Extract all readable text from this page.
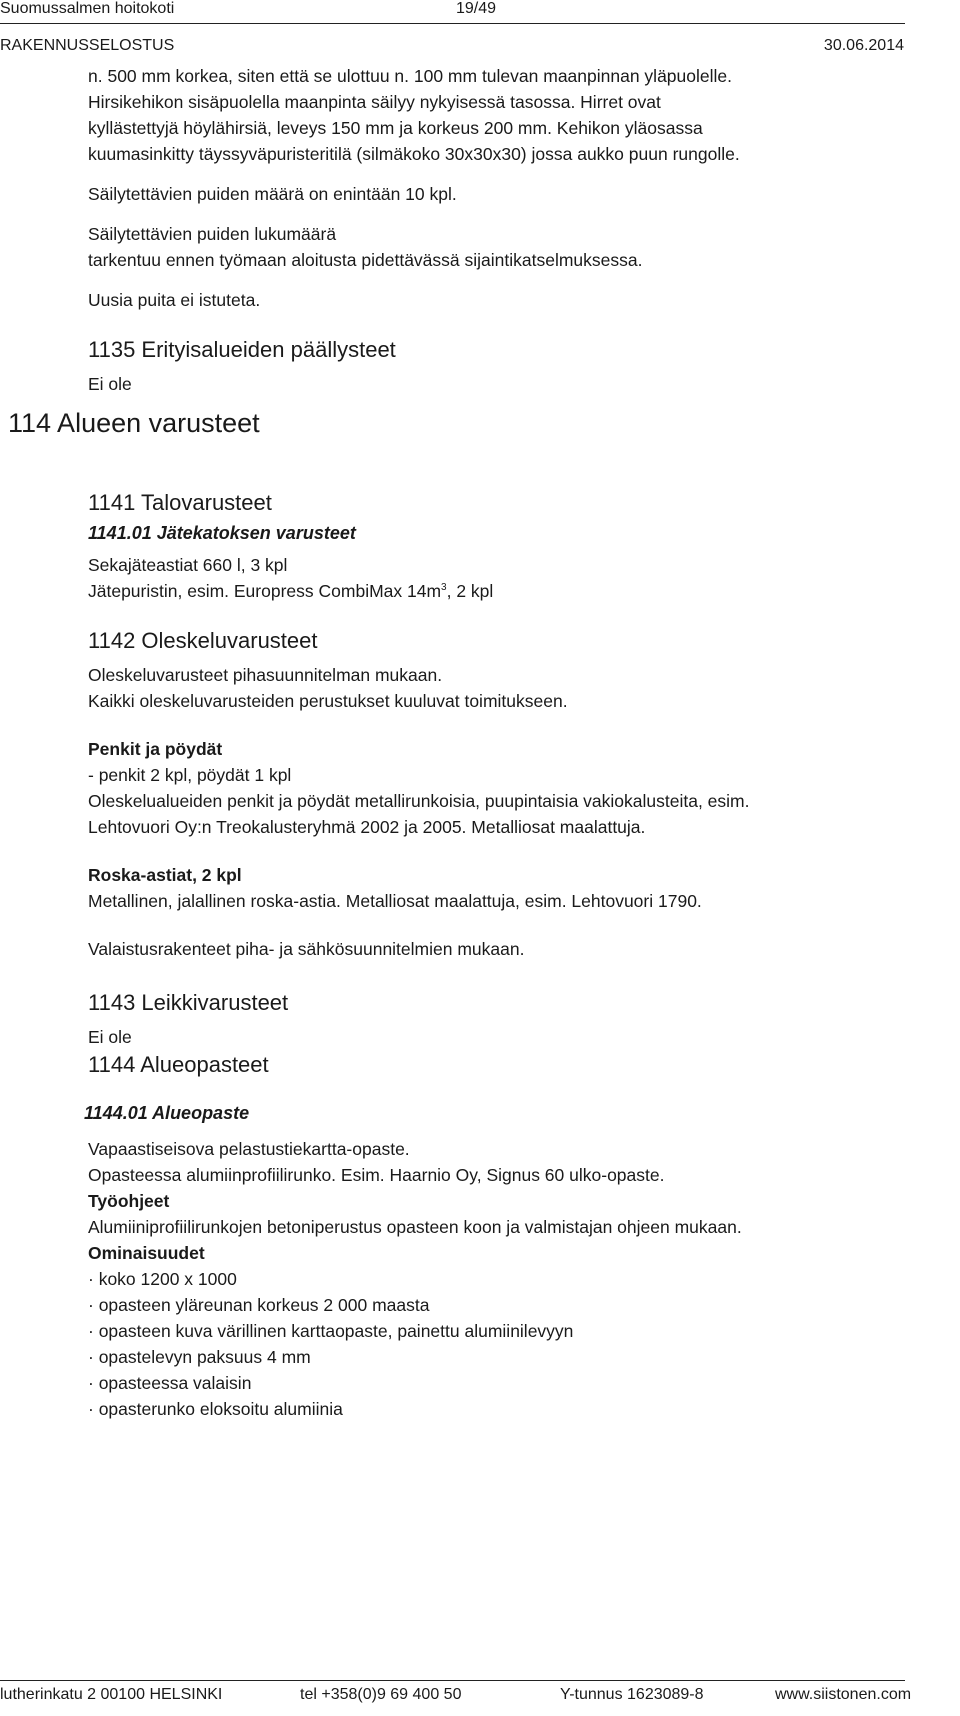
Suomussalmen hoitokoti	19/49
RAKENNUSSELOSTUS	30.06.2014

n. 500 mm korkea, siten että se ulottuu n. 100 mm tulevan maanpinnan yläpuolelle.

Hirsikehikon sisäpuolella maanpinta säilyy nykyisessä tasossa. Hirret ovat

kyllästettyjä höylähirsiä, leveys 150 mm ja korkeus 200 mm. Kehikon yläosassa

kuumasinkitty täyssyväpuristeritilä (silmäkoko 30x30x30) jossa aukko puun rungolle.

Säilytettävien puiden määrä on enintään 10 kpl.

Säilytettävien puiden lukumäärä

tarkentuu ennen työmaan aloitusta pidettävässä sijaintikatselmuksessa.

Uusia puita ei istuteta.

1135 Erityisalueiden päällysteet

Ei ole

114 Alueen varusteet

1141 Talovarusteet

1141.01 Jätekatoksen varusteet

Sekajäteastiat 660 l, 3 kpl

Jätepuristin, esim. Europress CombiMax $14m^3$, 2 kpl

1142 Oleskeluvarusteet

Oleskeluvarusteet pihasuunnitelman mukaan.

Kaikki oleskeluvarusteiden perustukset kuuluvat toimitukseen.

Penkit ja pöydät

- penkit 2 kpl, pöydät 1 kpl

Oleskelualueiden penkit ja pöydät metallirunkoisia, puupintaisia vakiokalusteita, esim.

Lehtovuori Oy:n Treokalusteryhmä 2002 ja 2005. Metalliosat maalattuja.

Roska-astiat, 2 kpl

Metallinen, jalallinen roska-astia. Metalliosat maalattuja, esim. Lehtovuori 1790.

Valaistusrakenteet piha- ja sähkösuunnitelmien mukaan.

1143 Leikkivarusteet

Ei ole

1144 Alueopasteet

1144.01 Alueopaste

Vapaastiseisova pelastustiekartta-opaste.

Opasteessa alumiinprofiilirunko. Esim. Haarnio Oy, Signus 60 ulko-opaste.

Työohjeet

Alumiiniprofiilirunkojen betoniperustus opasteen koon ja valmistajan ohjeen mukaan.

Ominaisuudet

· koko 1200 x 1000

· opasteen yläreunan korkeus 2 000 maasta

· opasteen kuva värillinen karttaopaste, painettu alumiinilevyyn

· opastelevyn paksuus 4 mm

· opasteessa valaisin

· opasterunko eloksoitu alumiinia

lutherinkatu 2 00100 HELSINKI	tel +358(0)9 69 400 50	Y-tunnus 1623089-8	www.siistonen.com
